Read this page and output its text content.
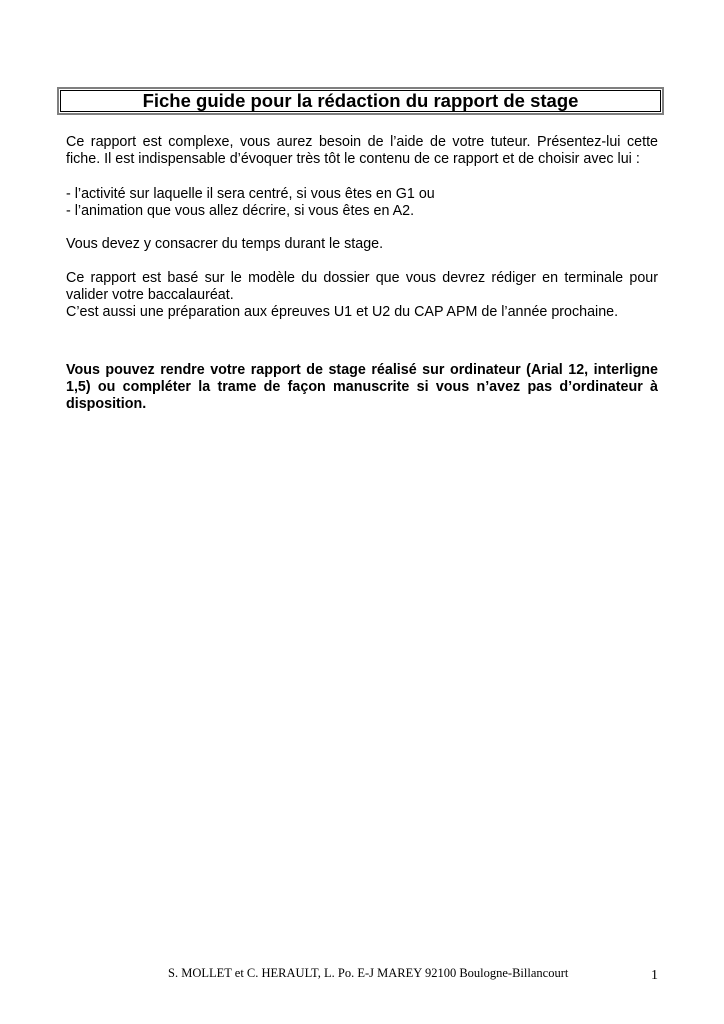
Fiche guide pour la rédaction du rapport de stage
Ce rapport est complexe, vous aurez besoin de l’aide de votre tuteur. Présentez-lui cette
fiche. Il est indispensable d’évoquer très tôt le contenu de ce rapport et de choisir avec lui :
- l’activité sur laquelle il sera centré, si vous êtes en G1 ou
- l’animation que vous allez décrire, si vous êtes en A2.
Vous devez y consacrer du temps durant le stage.
Ce rapport est basé sur le modèle du dossier que vous devrez rédiger en terminale pour
valider votre baccalauréat.
C’est aussi une préparation aux épreuves U1 et U2 du CAP APM de l’année prochaine.
Vous pouvez rendre votre rapport de stage réalisé sur ordinateur (Arial 12, interligne
1,5) ou compléter la trame de façon manuscrite si vous n’avez pas d’ordinateur à
disposition.
S. MOLLET et C. HERAULT, L. Po. E-J MAREY 92100 Boulogne-Billancourt	1
